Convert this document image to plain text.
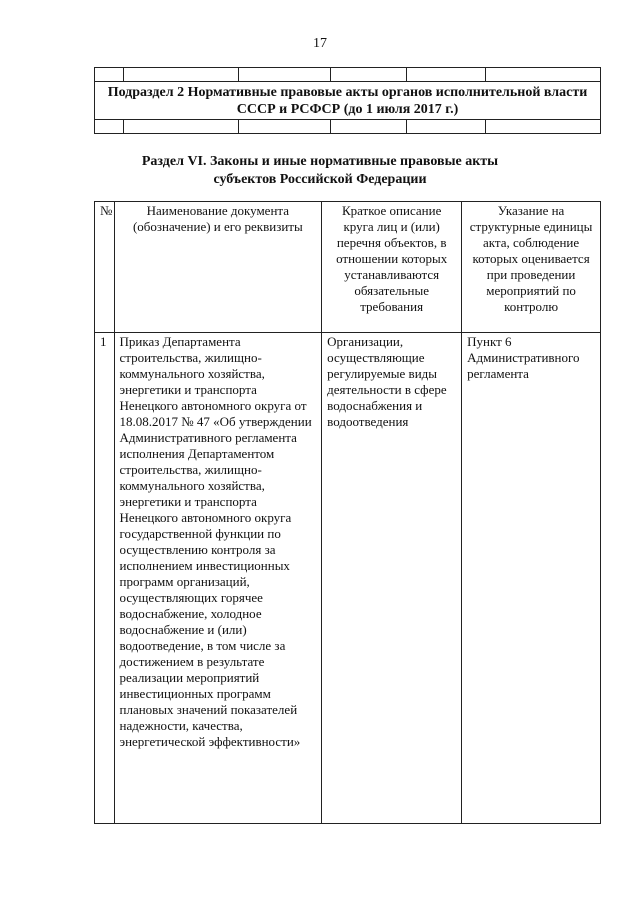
17
Подраздел 2 Нормативные правовые акты органов исполнительной власти СССР и РСФСР (до 1 июля 2017 г.)
Раздел VI. Законы и иные нормативные правовые акты
субъектов Российской Федерации
№	Наименование документа (обозначение) и его реквизиты	Краткое описание круга лиц и (или) перечня объектов, в отношении которых устанавливаются обязательные требования	Указание на структурные единицы акта, соблюдение которых оценивается при проведении мероприятий по контролю
1	Приказ Департамента строительства, жилищно-коммунального хозяйства, энергетики и транспорта Ненецкого автономного округа от 18.08.2017 № 47 «Об утверждении Административного регламента исполнения Департаментом строительства, жилищно-коммунального хозяйства, энергетики и транспорта Ненецкого автономного округа государственной функции по осуществлению контроля за исполнением инвестиционных программ организаций, осуществляющих горячее водоснабжение, холодное водоснабжение и (или) водоотведение, в том числе за достижением в результате реализации мероприятий инвестиционных программ плановых значений показателей надежности, качества, энергетической эффективности»	Организации, осуществляющие регулируемые виды деятельности в сфере водоснабжения и водоотведения	Пункт 6 Административного регламента
